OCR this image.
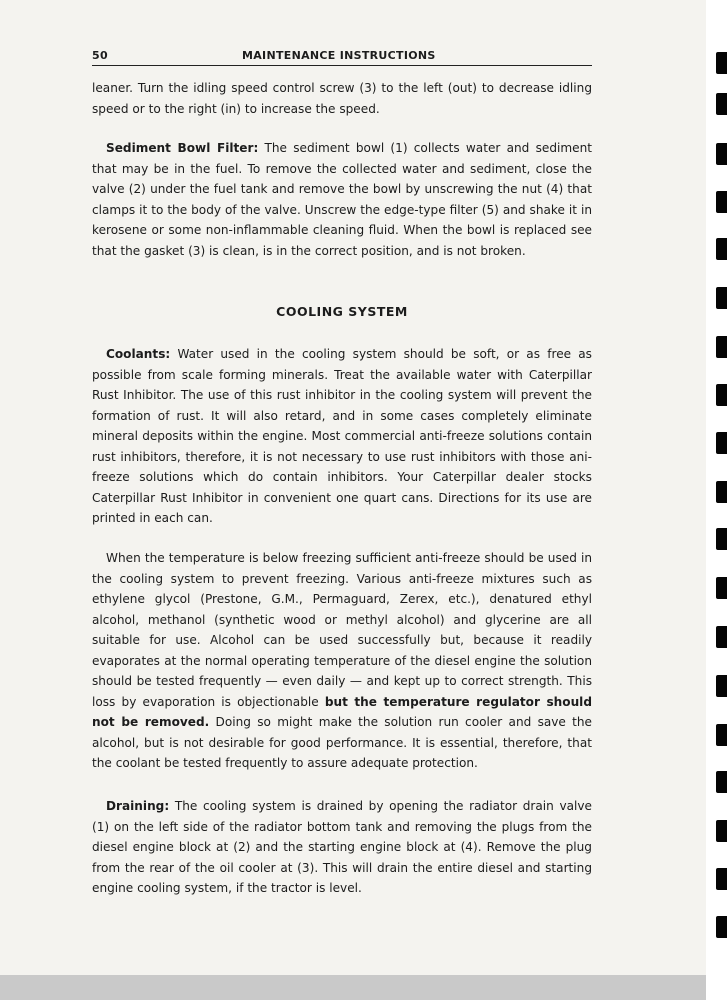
50	MAINTENANCE INSTRUCTIONS

leaner. Turn the idling speed control screw (3) to the left (out) to decrease idling speed or to the right (in) to increase the speed.

Sediment Bowl Filter: The sediment bowl (1) collects water and sediment that may be in the fuel. To remove the collected water and sediment, close the valve (2) under the fuel tank and remove the bowl by unscrewing the nut (4) that clamps it to the body of the valve. Unscrew the edge-type filter (5) and shake it in kerosene or some non-inflammable cleaning fluid. When the bowl is replaced see that the gasket (3) is clean, is in the correct position, and is not broken.

COOLING SYSTEM

Coolants: Water used in the cooling system should be soft, or as free as possible from scale forming minerals. Treat the available water with Caterpillar Rust Inhibitor. The use of this rust inhibitor in the cooling system will prevent the formation of rust. It will also retard, and in some cases completely eliminate mineral deposits within the engine. Most commercial anti-freeze solutions contain rust inhibitors, therefore, it is not necessary to use rust inhibitors with those ani-freeze solutions which do contain inhibitors. Your Caterpillar dealer stocks Caterpillar Rust Inhibitor in convenient one quart cans. Directions for its use are printed in each can.

When the temperature is below freezing sufficient anti-freeze should be used in the cooling system to prevent freezing. Various anti-freeze mixtures such as ethylene glycol (Prestone, G.M., Permaguard, Zerex, etc.), denatured ethyl alcohol, methanol (synthetic wood or methyl alcohol) and glycerine are all suitable for use. Alcohol can be used successfully but, because it readily evaporates at the normal operating temperature of the diesel engine the solution should be tested frequently — even daily — and kept up to correct strength. This loss by evaporation is objectionable but the temperature regulator should not be removed. Doing so might make the solution run cooler and save the alcohol, but is not desirable for good performance. It is essential, therefore, that the coolant be tested frequently to assure adequate protection.

Draining: The cooling system is drained by opening the radiator drain valve (1) on the left side of the radiator bottom tank and removing the plugs from the diesel engine block at (2) and the starting engine block at (4). Remove the plug from the rear of the oil cooler at (3). This will drain the entire diesel and starting engine cooling system, if the tractor is level.
